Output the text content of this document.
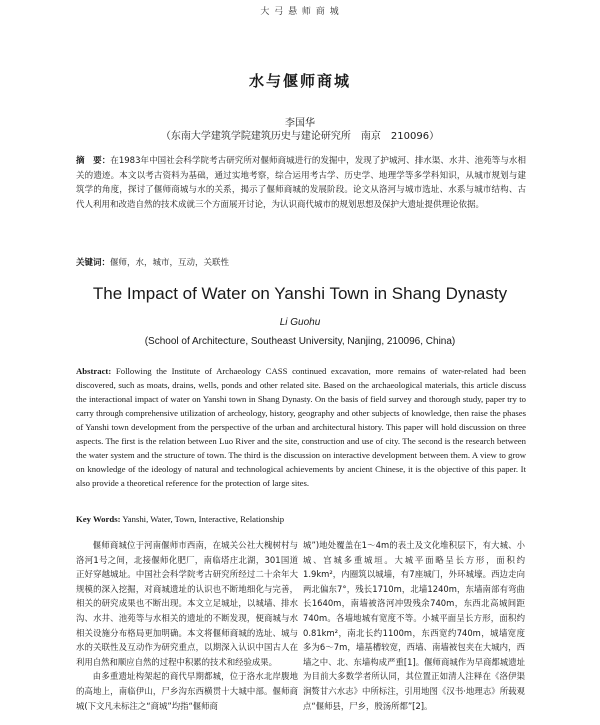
大 弓 悬 师 商 城
水与偃师商城
李国华
（东南大学建筑学院建筑历史与建论研究所　南京　210096）
摘　要：在1983年中国社会科学院考古研究所对偃师商城进行的发掘中，发现了护城河、排水渠、水井、池苑等与水相关的遗迹。本文以考古资料为基础，通过实地考察，综合运用考古学、历史学、地理学等多学科知识，从城市规划与建筑学的角度，探讨了偃师商城与水的关系，揭示了偃师商城的发展阶段。论文从洛河与城市选址、水系与城市结构、古代人利用和改造自然的技术成就三个方面展开讨论，为认识商代城市的规划思想及保护大遗址提供理论依据。
关键词：偃师，水，城市，互动，关联性
The Impact of Water on Yanshi Town in Shang Dynasty
Li Guohu
(School of Architecture, Southeast University, Nanjing, 210096, China)
Abstract: Following the Institute of Archaeology CASS continued excavation, more remains of water-related had been discovered, such as moats, drains, wells, ponds and other related site. Based on the archaeological materials, this article discuss the interactional impact of water on Yanshi town in Shang Dynasty. On the basis of field survey and thorough study, paper try to carry through comprehensive utilization of archeology, history, geography and other subjects of knowledge, then raise the phases of Yanshi town development from the perspective of the urban and architectural history. This paper will hold discussion on three aspects. The first is the relation between Luo River and the site, construction and use of city. The second is the research between the water system and the structure of town. The third is the discussion on interactive development between them. A view to grow on knowledge of the ideology of natural and technological achievements by ancient Chinese, it is the objective of this paper. It also provide a theoretical reference for the protection of large sites.
Key Words: Yanshi, Water, Town, Interactive, Relationship

偃师商城位于河南偃师市西南，在城关公社大槐树村与洛河1号之间，北接偃师化肥厂，南临塔庄北湖，301国道正好穿越城址。中国社会科学院考古研究所经过二十余年大规模的深入挖掘，对商城遗址的认识也不断地细化与完善，相关的研究成果也不断出现。本文立足城址，以城墙、排水沟、水井、池苑等与水相关的遗址的不断发现，便商城与水相关设施分布格局更加明确。本文将偃师商城的选址、城与水的关联性及互动作为研究重点，以期深入认识中国古人在利用自然和顺应自然的过程中积累的技术和经验成果。

由多重遗址构架起的商代早期都城，位于洛水北岸腹地的高地上，南临伊山，尸乡沟东西横贯十大城中部。偃师商城(下文凡未标注之“商城”均指“偃师商

城”)地处覆盖在1～4m的表土及文化堆积层下，有大城、小城、宫城多重城垣。大城平面略呈长方形，面积约1.9km²，内圈筑以城墙，有7座城门，外环城壕。西边走向两北偏东7°，残长1710m，北墙1240m，东墙南部有弯曲长1640m，南墙被洛河冲毁残余740m，东西北高城间距740m。各墙地城有宽度不等。小城平面呈长方形，面积约0.81km²，南北长约1100m，东西宽约740m，城墙宽度多为6～7m，墙基槽较宽，西墙、南墙被包夹在大城内，西墙之中、北、东墙构成严重[1]。偃师商城作为早商都城遗址为目前大多数学者所认同，其位置正如清人注释在《洛伊渠涧赘甘六水志》中所标注，引用地图《汉书·地理志》所载观点“偃师县，尸乡，殷汤所都”[2]。
